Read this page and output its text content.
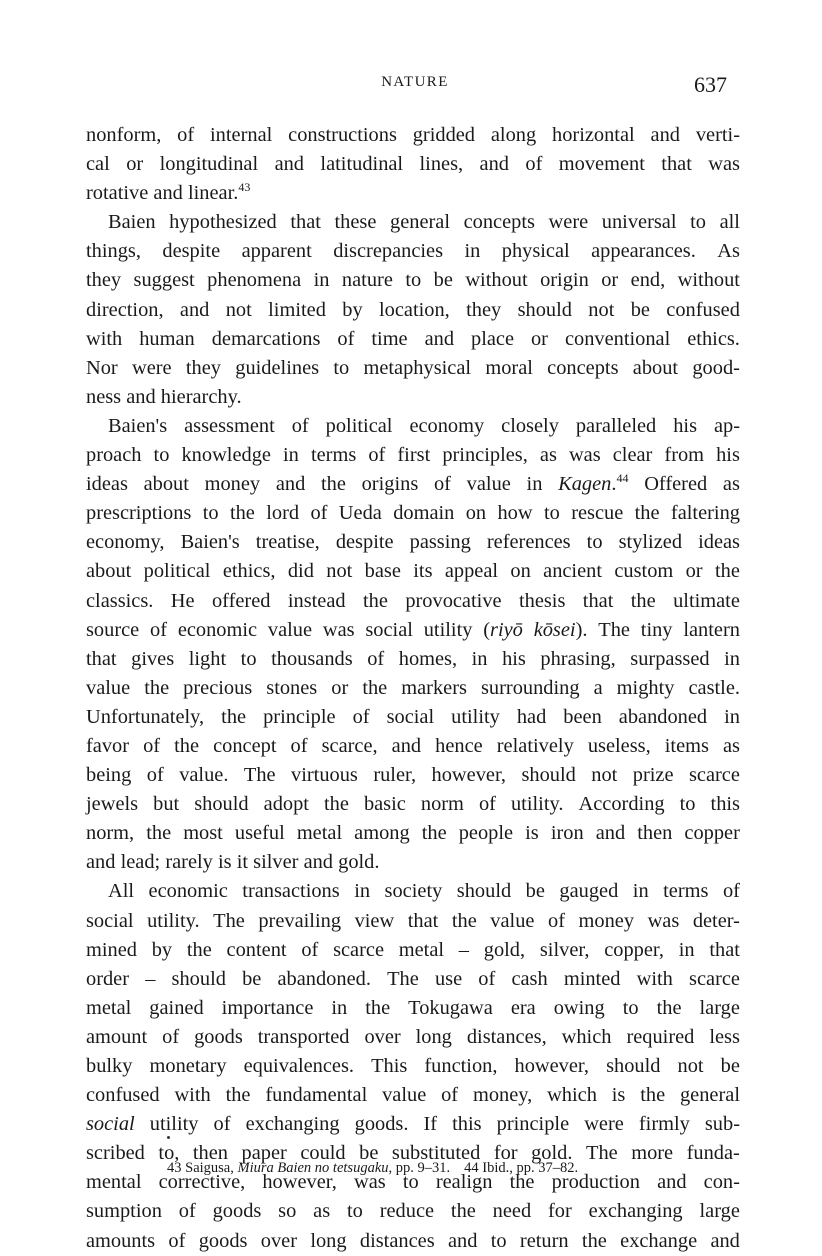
NATURE	637
nonform, of internal constructions gridded along horizontal and verti-
cal or longitudinal and latitudinal lines, and of movement that was
rotative
and
linear.$^{43}$
Baien hypothesized that these general concepts were universal to all
things, despite apparent discrepancies in physical appearances. As
they suggest phenomena in nature to be without origin or end, without
direction, and not limited by location, they should not be confused
with human demarcations of time and place or conventional ethics.
Nor were they guidelines to metaphysical moral concepts about good-
ness
and
hierarchy.
Baien's assessment of political economy closely paralleled his ap-
proach to knowledge in terms of first principles, as was clear from his
ideas about money and the origins of value in Kagen.$^{44}$ Offered as
prescriptions to the lord of Ueda domain on how to rescue the faltering
economy, Baien's treatise, despite passing references to stylized ideas
about political ethics, did not base its appeal on ancient custom or the
classics. He offered instead the provocative thesis that the ultimate
source of economic value was social utility (riyō kōsei). The tiny lantern
that gives light to thousands of homes, in his phrasing, surpassed in
value the precious stones or the markers surrounding a mighty castle.
Unfortunately, the principle of social utility had been abandoned in
favor of the concept of scarce, and hence relatively useless, items as
being of value. The virtuous ruler, however, should not prize scarce
jewels but should adopt the basic norm of utility. According to this
norm, the most useful metal among the people is iron and then copper
and
lead;
rarely
is
it
silver
and
gold.
All economic transactions in society should be gauged in terms of
social utility. The prevailing view that the value of money was deter-
mined by the content of scarce metal – gold, silver, copper, in that
order – should be abandoned. The use of cash minted with scarce
metal gained importance in the Tokugawa era owing to the large
amount of goods transported over long distances, which required less
bulky monetary equivalences. This function, however, should not be
confused with the fundamental value of money, which is the general
social utility of exchanging goods. If this principle were firmly sub-
scribed to, then paper could be substituted for gold. The more funda-
mental corrective, however, was to realign the production and con-
sumption of goods so as to reduce the need for exchanging large
amounts of goods over long distances and to return the exchange and
43 Saigusa, Miura Baien no tetsugaku, pp. 9–31. 44 Ibid., pp. 37–82.
